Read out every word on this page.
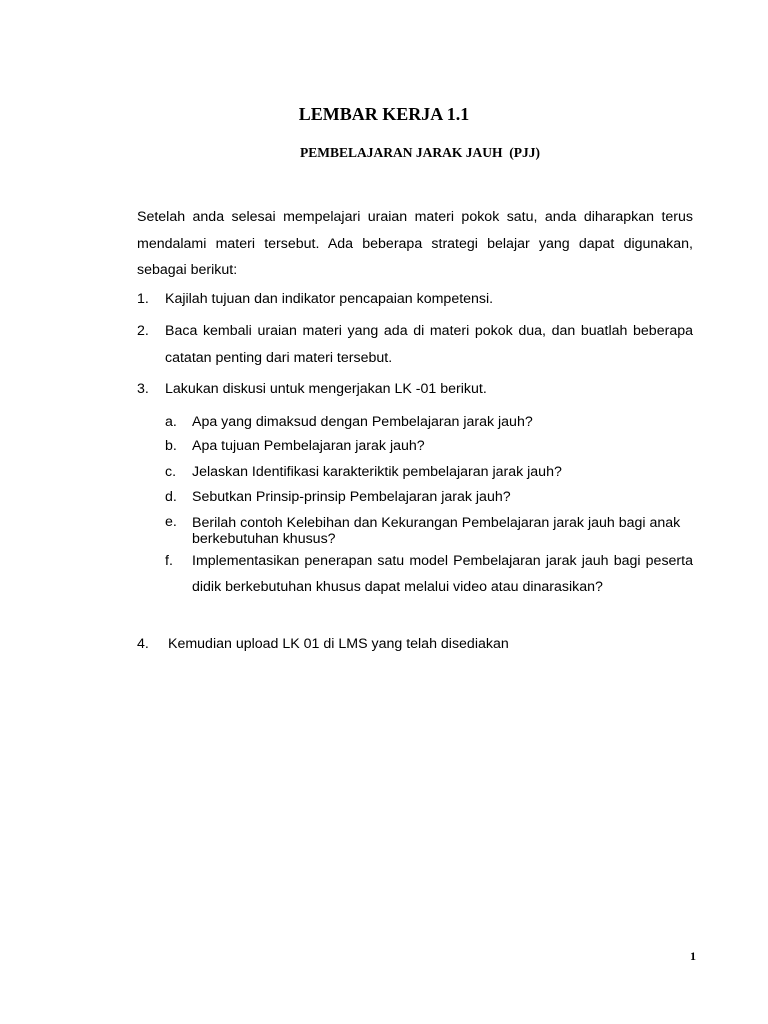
LEMBAR KERJA 1.1
PEMBELAJARAN JARAK JAUH  (PJJ)
Setelah anda selesai mempelajari uraian materi pokok satu, anda diharapkan terus mendalami materi tersebut. Ada beberapa strategi belajar yang dapat digunakan, sebagai berikut:
1.	Kajilah tujuan dan indikator pencapaian kompetensi.
2.	Baca kembali uraian materi yang ada di materi pokok dua, dan buatlah beberapa catatan penting dari materi tersebut.
3.	Lakukan diskusi untuk mengerjakan LK -01 berikut.
a.	Apa yang dimaksud dengan Pembelajaran jarak jauh?
b.	Apa tujuan Pembelajaran jarak jauh?
c.	Jelaskan Identifikasi karakteriktik pembelajaran jarak jauh?
d.	Sebutkan Prinsip-prinsip Pembelajaran jarak jauh?
e.	Berilah contoh Kelebihan dan Kekurangan Pembelajaran jarak jauh bagi anak berkebutuhan khusus?
f.	Implementasikan penerapan satu model Pembelajaran jarak jauh bagi peserta didik berkebutuhan khusus dapat melalui video atau dinarasikan?
4.	Kemudian upload LK 01 di LMS yang telah disediakan
1
